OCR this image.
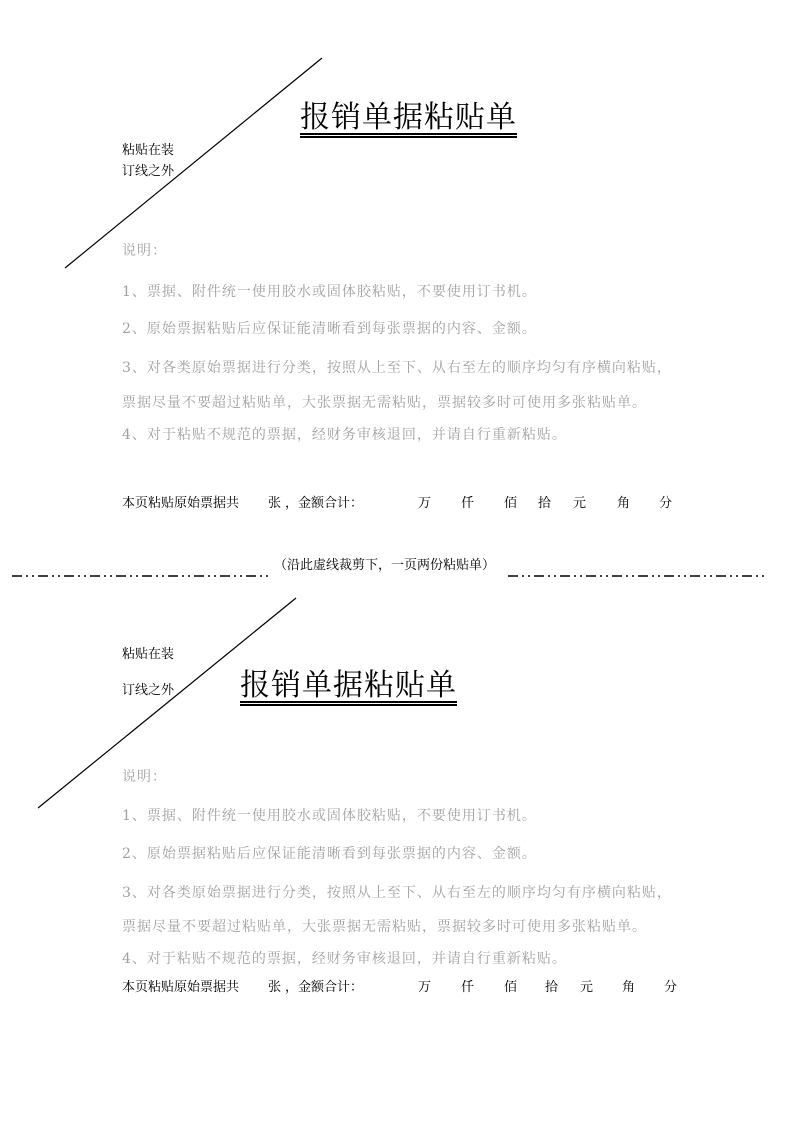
报销单据粘贴单
粘贴在装
订线之外
说明：
1、票据、附件统一使用胶水或固体胶粘贴，不要使用订书机。
2、原始票据粘贴后应保证能清晰看到每张票据的内容、金额。
3、对各类原始票据进行分类，按照从上至下、从右至左的顺序均匀有序横向粘贴，
票据尽量不要超过粘贴单，大张票据无需粘贴，票据较多时可使用多张粘贴单。
4、对于粘贴不规范的票据，经财务审核退回，并请自行重新粘贴。
本页粘贴原始票据共 张 ，金额合计：	万 仟 佰 拾 元 角 分
（沿此虚线裁剪下，一页两份粘贴单）
粘贴在装
订线之外 报销单据粘贴单
说明：
1、票据、附件统一使用胶水或固体胶粘贴，不要使用订书机。
2、原始票据粘贴后应保证能清晰看到每张票据的内容、金额。
3、对各类原始票据进行分类，按照从上至下、从右至左的顺序均匀有序横向粘贴，
票据尽量不要超过粘贴单，大张票据无需粘贴，票据较多时可使用多张粘贴单。
4、对于粘贴不规范的票据，经财务审核退回，并请自行重新粘贴。
本页粘贴原始票据共 张 ，金额合计：	万 仟 佰 拾 元 角 分
